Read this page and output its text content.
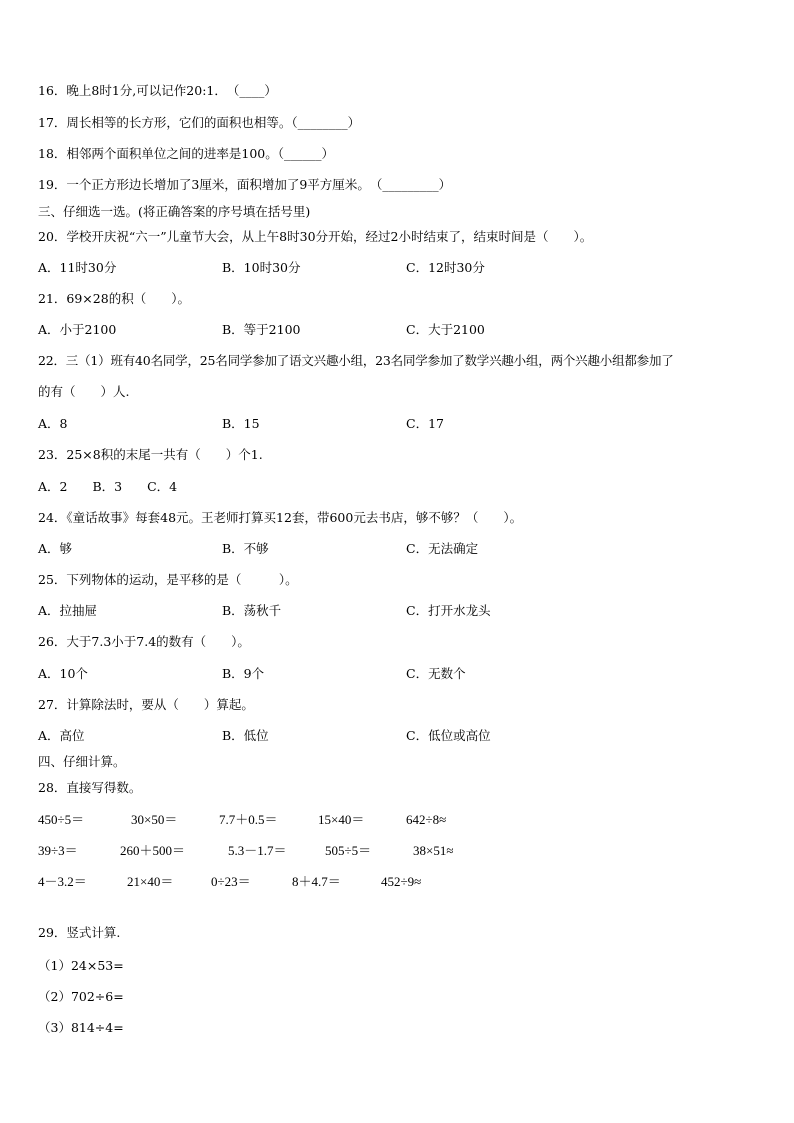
16．晚上8时1分,可以记作20:1．　（____）
17．周长相等的长方形，它们的面积也相等。（________）
18．相邻两个面积单位之间的进率是100。（______）
19．一个正方形边长增加了3厘米，面积增加了9平方厘米。　（_________）
三、仔细选一选。(将正确答案的序号填在括号里)
20．学校开庆祝“六一”儿童节大会，从上午8时30分开始，经过2小时结束了，结束时间是（　　）。
A．11时30分	B．10时30分	C．12时30分
21．69×28的积（　　）。
A．小于2100	B．等于2100	C．大于2100
22．三（1）班有40名同学，25名同学参加了语文兴趣小组，23名同学参加了数学兴趣小组，两个兴趣小组都参加了
的有（　　）人.
A．8	B．15	C．17
23．25×8积的末尾一共有（　　）个1.
A．2　　B．3　　C．4
24．《童话故事》每套48元。王老师打算买12套，带600元去书店，够不够？（　　）。
A．够	B．不够	C．无法确定
25．下列物体的运动，是平移的是（　　　）。
A．拉抽屉	B．荡秋千	C．打开水龙头
26．大于7.3小于7.4的数有（　　）。
A．10个	B．9个	C．无数个
27．计算除法时，要从（　　）算起。
A．高位	B．低位	C．低位或高位
四、仔细计算。
28．直接写得数。
450÷5＝	30×50＝	7.7＋0.5＝	15×40＝	642÷8≈
39÷3＝	260＋500＝	5.3－1.7＝	505÷5＝	38×51≈
4－3.2＝	21×40＝	0÷23＝	8＋4.7＝	452÷9≈
29．竖式计算.
（1）24×53=
（2）702÷6=
（3）814÷4=
